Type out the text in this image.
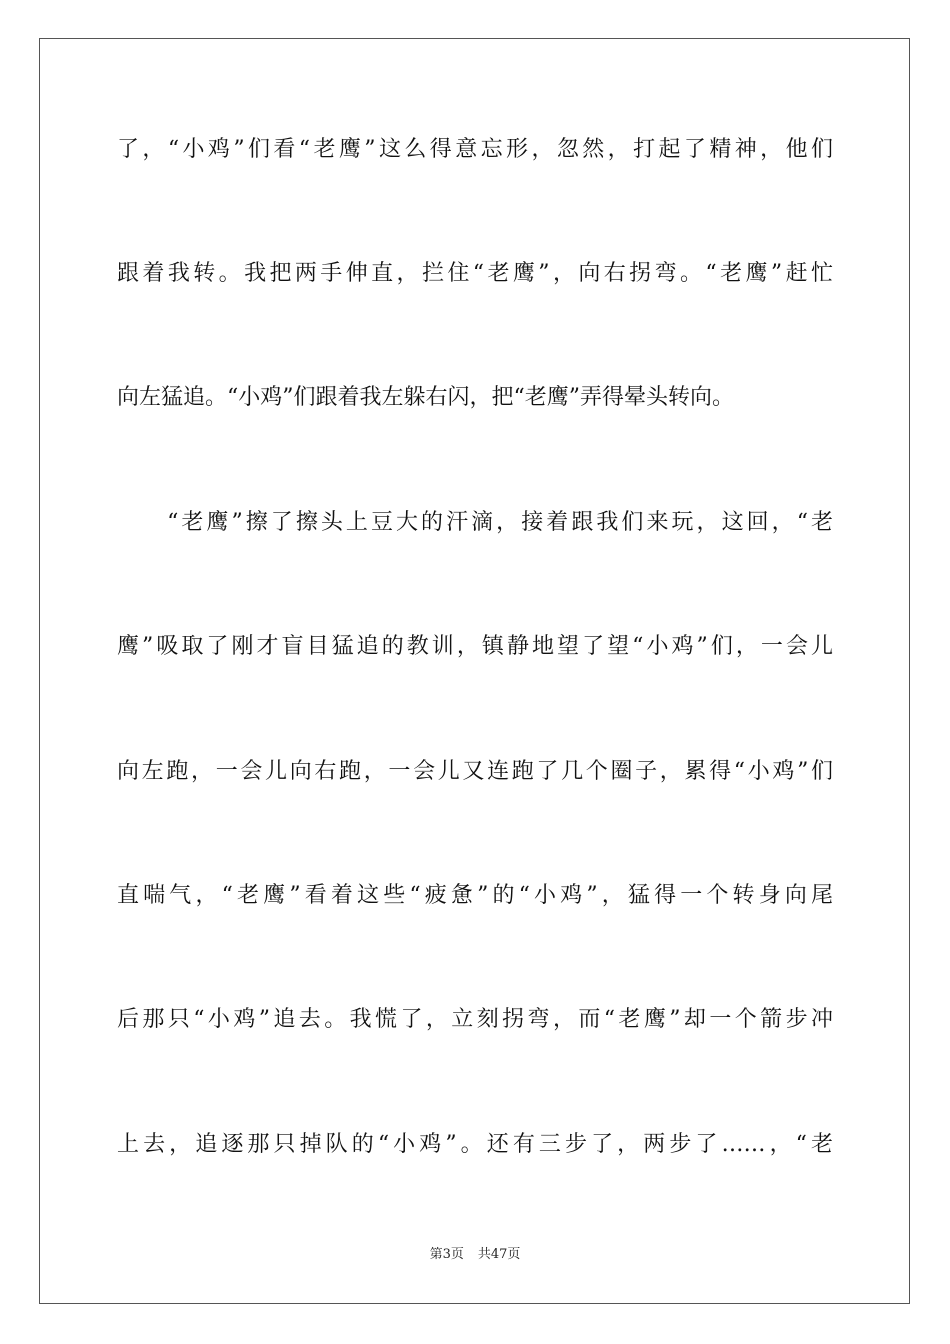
了，“小鸡”们看“老鹰”这么得意忘形，忽然，打起了精神，他们
跟着我转。我把两手伸直，拦住“老鹰”，向右拐弯。“老鹰”赶忙
向左猛追。“小鸡”们跟着我左躲右闪，把“老鹰”弄得晕头转向。
　　“老鹰”擦了擦头上豆大的汗滴，接着跟我们来玩，这回，“老
鹰”吸取了刚才盲目猛追的教训，镇静地望了望“小鸡”们，一会儿
向左跑，一会儿向右跑，一会儿又连跑了几个圈子，累得“小鸡”们
直喘气，“老鹰”看着这些“疲惫”的“小鸡”，猛得一个转身向尾
后那只“小鸡”追去。我慌了，立刻拐弯，而“老鹰”却一个箭步冲
上去，追逐那只掉队的“小鸡”。还有三步了，两步了……，“老
第3页 共47页
